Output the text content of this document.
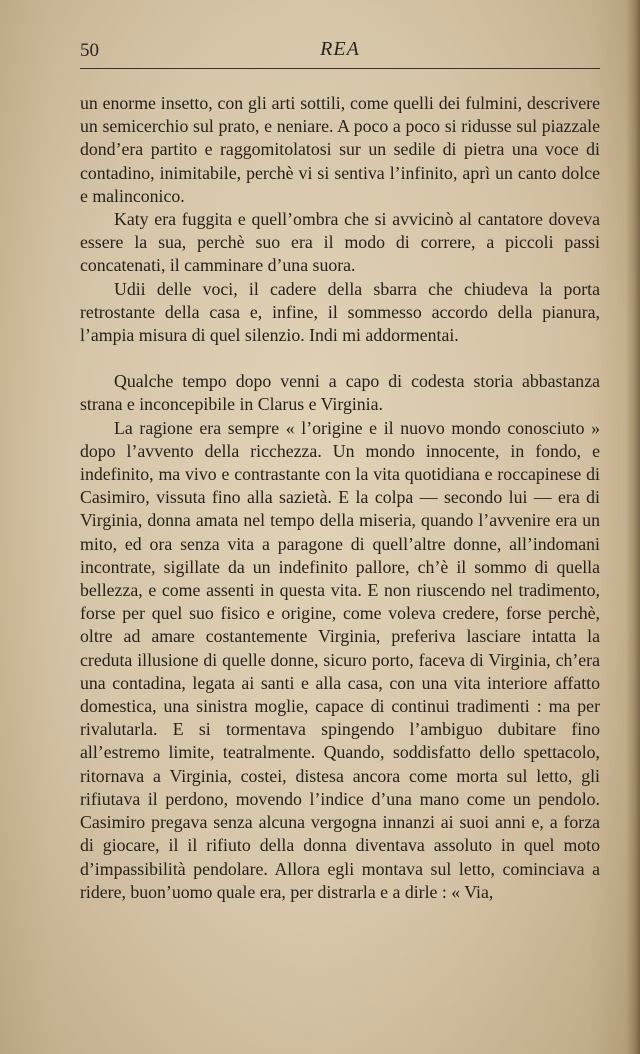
50	REA

un enorme insetto, con gli arti sottili, come quelli dei fulmini, descrivere un semicerchio sul prato, e neniare. A poco a poco si ridusse sul piazzale dond’era partito e raggomitolatosi sur un sedile di pietra una voce di contadino, inimitabile, perchè vi si sentiva l’infinito, aprì un canto dolce e malinconico.

Katy era fuggita e quell’ombra che si avvicinò al cantatore doveva essere la sua, perchè suo era il modo di correre, a piccoli passi concatenati, il camminare d’una suora.

Udii delle voci, il cadere della sbarra che chiudeva la porta retrostante della casa e, infine, il sommesso accordo della pianura, l’ampia misura di quel silenzio. Indi mi addormentai.

Qualche tempo dopo venni a capo di codesta storia abbastanza strana e inconcepibile in Clarus e Virginia.

La ragione era sempre « l’origine e il nuovo mondo conosciuto » dopo l’avvento della ricchezza. Un mondo innocente, in fondo, e indefinito, ma vivo e contrastante con la vita quotidiana e roccapinese di Casimiro, vissuta fino alla sazietà. E la colpa — secondo lui — era di Virginia, donna amata nel tempo della miseria, quando l’avvenire era un mito, ed ora senza vita a paragone di quell’altre donne, all’indomani incontrate, sigillate da un indefinito pallore, ch’è il sommo di quella bellezza, e come assenti in questa vita. E non riuscendo nel tradimento, forse per quel suo fisico e origine, come voleva credere, forse perchè, oltre ad amare costantemente Virginia, preferiva lasciare intatta la creduta illusione di quelle donne, sicuro porto, faceva di Virginia, ch’era una contadina, legata ai santi e alla casa, con una vita interiore affatto domestica, una sinistra moglie, capace di continui tradimenti : ma per rivalutarla. E si tormentava spingendo l’ambiguo dubitare fino all’estremo limite, teatralmente. Quando, soddisfatto dello spettacolo, ritornava a Virginia, costei, distesa ancora come morta sul letto, gli rifiutava il perdono, movendo l’indice d’una mano come un pendolo. Casimiro pregava senza alcuna vergogna innanzi ai suoi anni e, a forza di giocare, il il rifiuto della donna diventava assoluto in quel moto d’impassibilità pendolare. Allora egli montava sul letto, cominciava a ridere, buon’uomo quale era, per distrarla e a dirle : « Via,
